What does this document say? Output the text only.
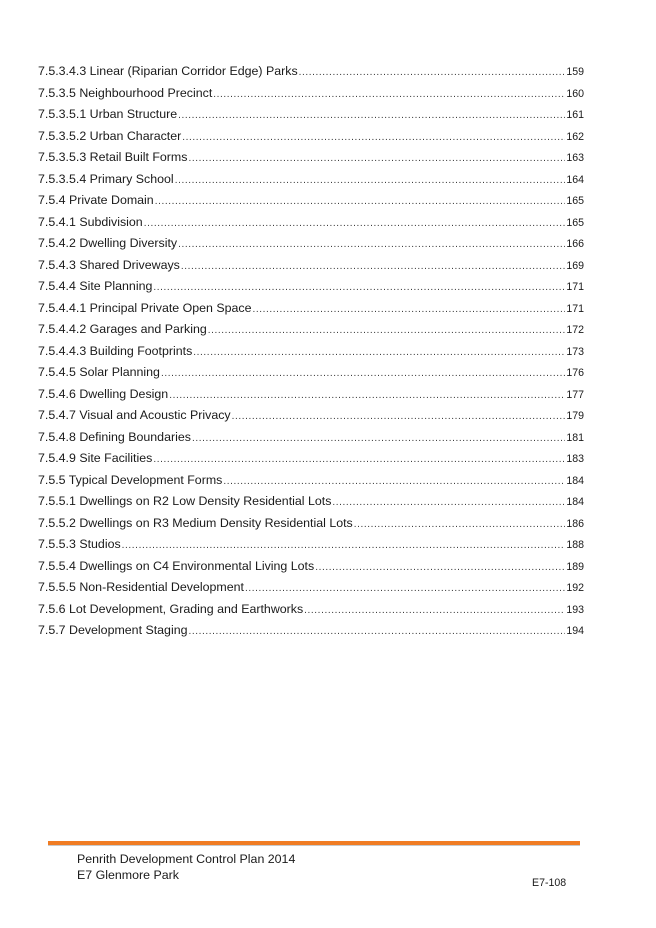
7.5.3.4.3 Linear (Riparian Corridor Edge) Parks .....	159
7.5.3.5 Neighbourhood Precinct .....	160
7.5.3.5.1 Urban Structure .....	161
7.5.3.5.2 Urban Character .....	162
7.5.3.5.3 Retail Built Forms .....	163
7.5.3.5.4 Primary School .....	164
7.5.4 Private Domain .....	165
7.5.4.1 Subdivision .....	165
7.5.4.2 Dwelling Diversity .....	166
7.5.4.3 Shared Driveways .....	169
7.5.4.4 Site Planning .....	171
7.5.4.4.1 Principal Private Open Space .....	171
7.5.4.4.2 Garages and Parking .....	172
7.5.4.4.3 Building Footprints .....	173
7.5.4.5 Solar Planning .....	176
7.5.4.6 Dwelling Design .....	177
7.5.4.7 Visual and Acoustic Privacy .....	179
7.5.4.8 Defining Boundaries .....	181
7.5.4.9 Site Facilities .....	183
7.5.5 Typical Development Forms .....	184
7.5.5.1 Dwellings on R2 Low Density Residential Lots .....	184
7.5.5.2 Dwellings on R3 Medium Density Residential Lots .....	186
7.5.5.3 Studios .....	188
7.5.5.4 Dwellings on C4 Environmental Living Lots .....	189
7.5.5.5 Non-Residential Development .....	192
7.5.6 Lot Development, Grading and Earthworks .....	193
7.5.7 Development Staging .....	194
Penrith Development Control Plan 2014
E7 Glenmore Park
E7-108
